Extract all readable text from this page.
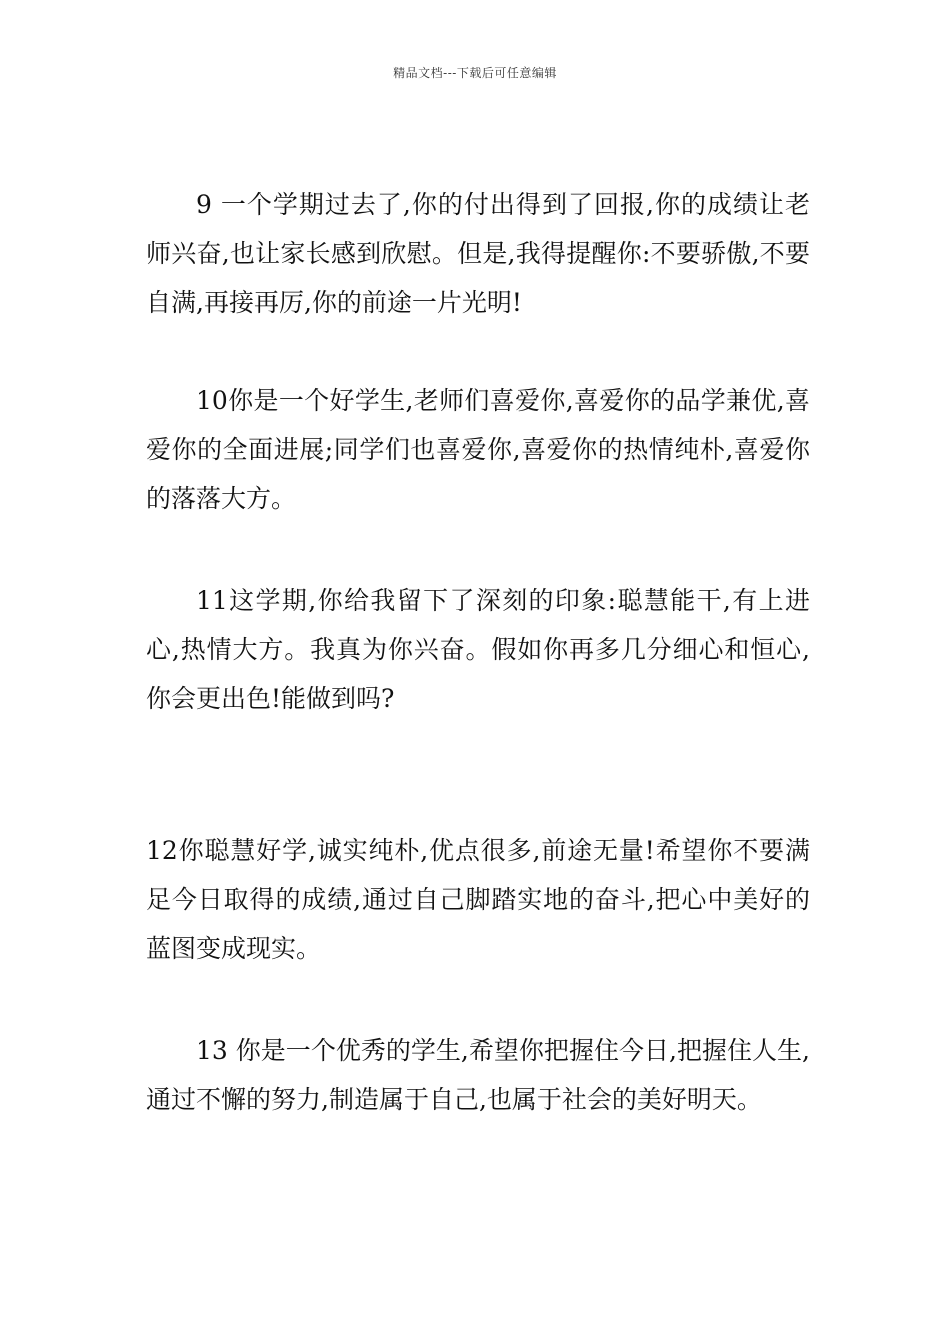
精品文档---下载后可任意编辑

9 一个学期过去了,你的付出得到了回报,你的成绩让老师兴奋,也让家长感到欣慰。但是,我得提醒你:不要骄傲,不要自满,再接再厉,你的前途一片光明!

10你是一个好学生,老师们喜爱你,喜爱你的品学兼优,喜爱你的全面进展;同学们也喜爱你,喜爱你的热情纯朴,喜爱你的落落大方。

11这学期,你给我留下了深刻的印象:聪慧能干,有上进心,热情大方。我真为你兴奋。假如你再多几分细心和恒心,你会更出色!能做到吗?

12你聪慧好学,诚实纯朴,优点很多,前途无量!希望你不要满足今日取得的成绩,通过自己脚踏实地的奋斗,把心中美好的蓝图变成现实。

13 你是一个优秀的学生,希望你把握住今日,把握住人生,通过不懈的努力,制造属于自己,也属于社会的美好明天。
